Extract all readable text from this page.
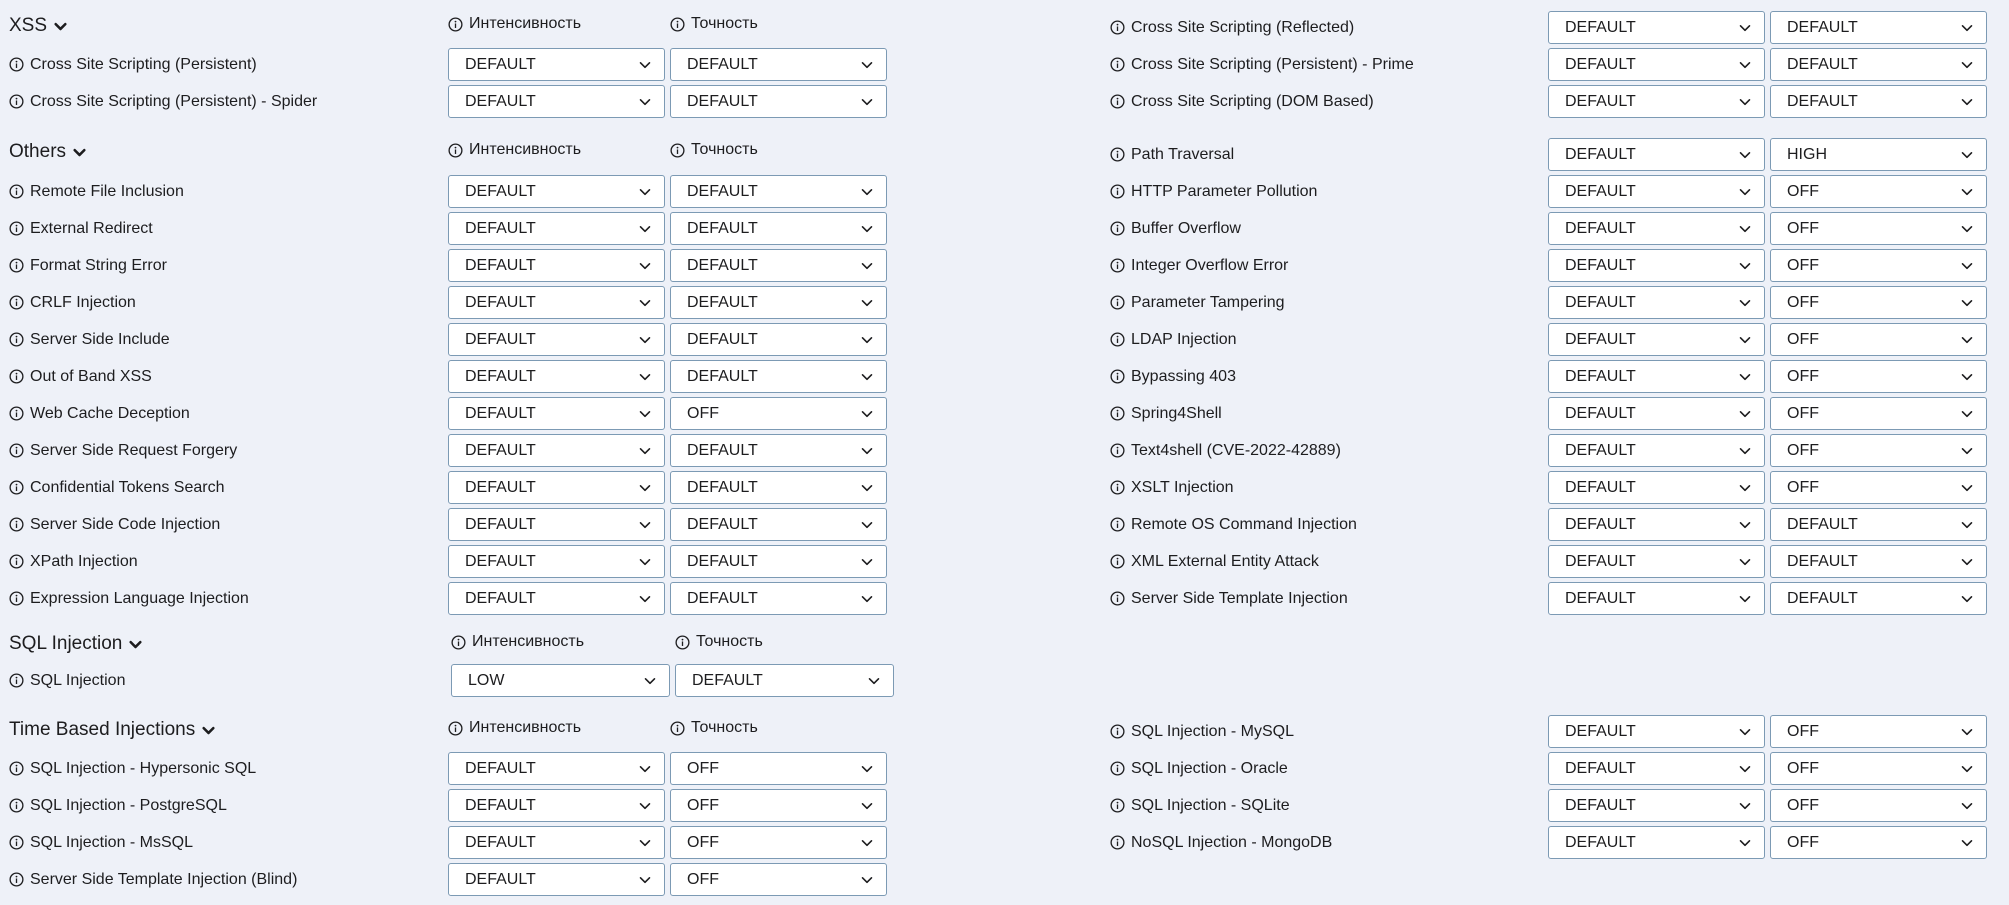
XSS	Интенсивность	Точность
Cross Site Scripting (Persistent)	DEFAULT	DEFAULT
Cross Site Scripting (Persistent) - Spider	DEFAULT	DEFAULT
Cross Site Scripting (Reflected)	DEFAULT	DEFAULT
Cross Site Scripting (Persistent) - Prime	DEFAULT	DEFAULT
Cross Site Scripting (DOM Based)	DEFAULT	DEFAULT
Others	Интенсивность	Точность
Remote File Inclusion	DEFAULT	DEFAULT
External Redirect	DEFAULT	DEFAULT
Format String Error	DEFAULT	DEFAULT
CRLF Injection	DEFAULT	DEFAULT
Server Side Include	DEFAULT	DEFAULT
Out of Band XSS	DEFAULT	DEFAULT
Web Cache Deception	DEFAULT	OFF
Server Side Request Forgery	DEFAULT	DEFAULT
Confidential Tokens Search	DEFAULT	DEFAULT
Server Side Code Injection	DEFAULT	DEFAULT
XPath Injection	DEFAULT	DEFAULT
Expression Language Injection	DEFAULT	DEFAULT
Path Traversal	DEFAULT	HIGH
HTTP Parameter Pollution	DEFAULT	OFF
Buffer Overflow	DEFAULT	OFF
Integer Overflow Error	DEFAULT	OFF
Parameter Tampering	DEFAULT	OFF
LDAP Injection	DEFAULT	OFF
Bypassing 403	DEFAULT	OFF
Spring4Shell	DEFAULT	OFF
Text4shell (CVE-2022-42889)	DEFAULT	OFF
XSLT Injection	DEFAULT	OFF
Remote OS Command Injection	DEFAULT	DEFAULT
XML External Entity Attack	DEFAULT	DEFAULT
Server Side Template Injection	DEFAULT	DEFAULT
SQL Injection	Интенсивность	Точность
SQL Injection	LOW	DEFAULT
Time Based Injections	Интенсивность	Точность
SQL Injection - Hypersonic SQL	DEFAULT	OFF
SQL Injection - PostgreSQL	DEFAULT	OFF
SQL Injection - MsSQL	DEFAULT	OFF
Server Side Template Injection (Blind)	DEFAULT	OFF
SQL Injection - MySQL	DEFAULT	OFF
SQL Injection - Oracle	DEFAULT	OFF
SQL Injection - SQLite	DEFAULT	OFF
NoSQL Injection - MongoDB	DEFAULT	OFF
